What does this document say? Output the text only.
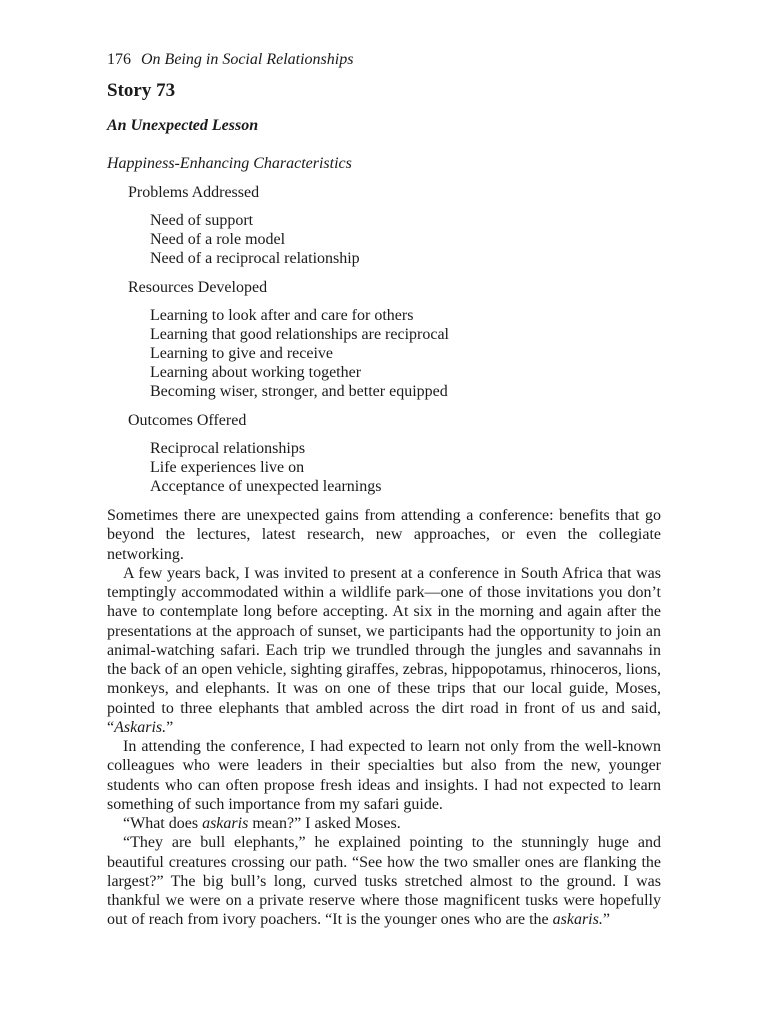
176 On Being in Social Relationships
Story 73
An Unexpected Lesson
Happiness-Enhancing Characteristics
Problems Addressed
Need of support
Need of a role model
Need of a reciprocal relationship
Resources Developed
Learning to look after and care for others
Learning that good relationships are reciprocal
Learning to give and receive
Learning about working together
Becoming wiser, stronger, and better equipped
Outcomes Offered
Reciprocal relationships
Life experiences live on
Acceptance of unexpected learnings

Sometimes there are unexpected gains from attending a conference: benefits that go beyond the lectures, latest research, new approaches, or even the collegiate networking.

A few years back, I was invited to present at a conference in South Africa that was temptingly accommodated within a wildlife park—one of those invitations you don’t have to contemplate long before accepting. At six in the morning and again after the presentations at the approach of sunset, we participants had the opportunity to join an animal-watching safari. Each trip we trundled through the jungles and savannahs in the back of an open vehicle, sighting giraffes, zebras, hippopotamus, rhinoceros, lions, monkeys, and elephants. It was on one of these trips that our local guide, Moses, pointed to three elephants that ambled across the dirt road in front of us and said, “Askaris.”

In attending the conference, I had expected to learn not only from the well-known colleagues who were leaders in their specialties but also from the new, younger students who can often propose fresh ideas and insights. I had not expected to learn something of such importance from my safari guide.

“What does askaris mean?” I asked Moses.

“They are bull elephants,” he explained pointing to the stunningly huge and beautiful creatures crossing our path. “See how the two smaller ones are flanking the largest?” The big bull’s long, curved tusks stretched almost to the ground. I was thankful we were on a private reserve where those magnificent tusks were hopefully out of reach from ivory poachers. “It is the younger ones who are the askaris.”
